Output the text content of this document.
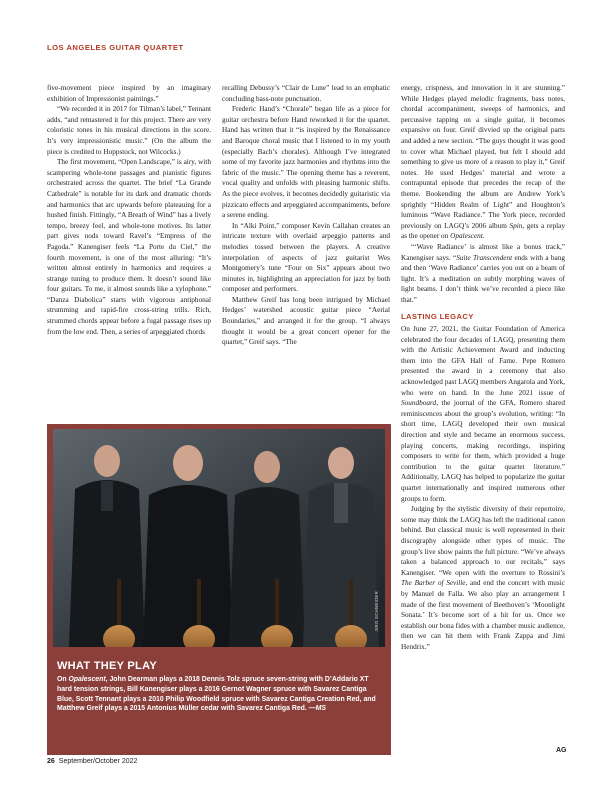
LOS ANGELES GUITAR QUARTET

five-movement piece inspired by an imaginary exhibition of Impressionist paintings.”

“We recorded it in 2017 for Tilman’s label,” Tennant adds, “and remastered it for this project. There are very coloristic tones in his musical directions in the score. It’s very impressionistic music.” (On the album the piece is credited to Hoppstock, not Wilcocks.)

The first movement, “Open Landscape,” is airy, with scampering whole-tone passages and pianistic figures orchestrated across the quartet. The brief “La Grande Cathedrale” is notable for its dark and dramatic chords and harmonics that arc upwards before plateauing for a hushed finish. Fittingly, “A Breath of Wind” has a lively tempo, breezy feel, and whole-tone motives. Its latter part gives nods toward Ravel’s “Empress of the Pagoda.” Kanengiser feels “La Porte du Ciel,” the fourth movement, is one of the most alluring: “It’s written almost entirely in harmonics and requires a strange tuning to produce them. It doesn’t sound like four guitars. To me, it almost sounds like a xylophone.” “Danza Diabolica” starts with vigorous antiphonal strumming and rapid-fire cross-string trills. Rich, strummed chords appear before a fugal passage rises up from the low end. Then, a series of arpeggiated chords

recalling Debussy’s “Clair de Lune” lead to an emphatic concluding bass-note punctuation.

Frederic Hand’s “Chorale” began life as a piece for guitar orchestra before Hand reworked it for the quartet. Hand has written that it “is inspired by the Renaissance and Baroque choral music that I listened to in my youth (especially Bach’s chorales). Although I’ve integrated some of my favorite jazz harmonies and rhythms into the fabric of the music.” The opening theme has a reverent, vocal quality and unfolds with pleasing harmonic shifts. As the piece evolves, it becomes decidedly guitaristic via pizzicato effects and arpeggiated accompaniments, before a serene ending.

In “Alki Point,” composer Kevin Callahan creates an intricate texture with overlaid arpeggio patterns and melodies tossed between the players. A creative interpolation of aspects of jazz guitarist Wes Montgomery’s tune “Four on Six” appears about two minutes in, highlighting an appreciation for jazz by both composer and performers.

Matthew Greif has long been intrigued by Michael Hedges’ watershed acoustic guitar piece “Aerial Boundaries,” and arranged it for the group. “I always thought it would be a great concert opener for the quartet,” Greif says. “The

energy, crispness, and innovation in it are stunning.” While Hedges played melodic fragments, bass notes, chordal accompaniment, sweeps of harmonics, and percussive tapping on a single guitar, it becomes expansive on four. Greif divvied up the original parts and added a new section. “The guys thought it was good to cover what Michael played, but felt I should add something to give us more of a reason to play it,” Greif notes. He used Hedges’ material and wrote a contrapuntal episode that precedes the recap of the theme. Bookending the album are Andrew York’s sprightly “Hidden Realm of Light” and Houghton’s luminous “Wave Radiance.” The York piece, recorded previously on LAGQ’s 2006 album Spin, gets a replay as the opener on Opalescent.

“‘Wave Radiance’ is almost like a bonus track,” Kanengiser says. “Suite Transcendent ends with a bang and then ‘Wave Radiance’ carries you out on a beam of light. It’s a meditation on subtly morphing waves of light beams. I don’t think we’ve recorded a piece like that.”

LASTING LEGACY

On June 27, 2021, the Guitar Foundation of America celebrated the four decades of LAGQ, presenting them with the Artistic Achievement Award and inducting them into the GFA Hall of Fame. Pepe Romero presented the award in a ceremony that also acknowledged past LAGQ members Angarola and York, who were on hand. In the June 2021 issue of Soundboard, the journal of the GFA, Romero shared reminiscences about the group’s evolution, writing: “In short time, LAGQ developed their own musical direction and style and became an enormous success, playing concerts, making recordings, inspiring composers to write for them, which provided a huge contribution to the guitar quartet literature.” Additionally, LAGQ has helped to popularize the guitar quartet internationally and inspired numerous other groups to form.

Judging by the stylistic diversity of their repertoire, some may think the LAGQ has left the traditional canon behind. But classical music is well represented in their discography alongside other types of music. The group’s live show paints the full picture. “We’ve always taken a balanced approach to our recitals,” says Kanengiser. “We open with the overture to Rossini’s The Barber of Seville, and end the concert with music by Manuel de Falla. We also play an arrangement I made of the first movement of Beethoven’s ‘Moonlight Sonata.’ It’s become sort of a hit for us. Once we establish our bona fides with a chamber music audience, then we can hit them with Frank Zappa and Jimi Hendrix.”

JIRO SCHNEIDER
WHAT THEY PLAY
On Opalescent, John Dearman plays a 2018 Dennis Tolz spruce seven-string with D’Addario XT hard tension strings, Bill Kanengiser plays a 2016 Gernot Wagner spruce with Savarez Cantiga Blue, Scott Tennant plays a 2010 Philip Woodfield spruce with Savarez Cantiga Creation Red, and Matthew Greif plays a 2015 Antonius Müller cedar with Savarez Cantiga Red. —MS
AG
26 September/October 2022
